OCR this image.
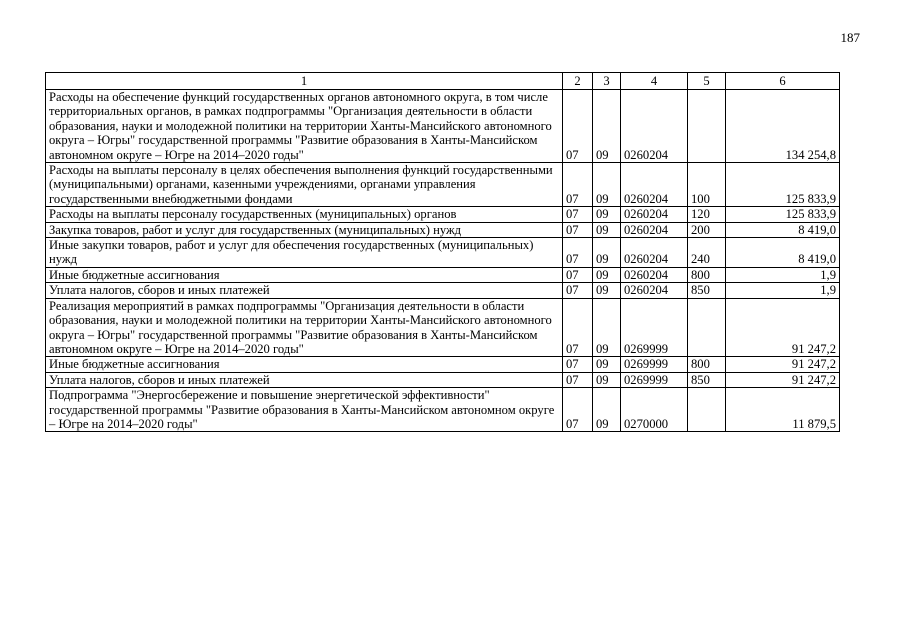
187
1	2	3	4	5	6
Расходы на обеспечение функций государственных органов автономного округа, в том числе территориальных органов, в рамках подпрограммы "Организация деятельности в области образования, науки и молодежной политики на территории Ханты-Мансийского автономного округа – Югры" государственной программы "Развитие образования в Ханты-Мансийском автономном округе – Югре на 2014–2020 годы"	07	09	0260204		134 254,8
Расходы на выплаты персоналу в целях обеспечения выполнения функций государственными (муниципальными) органами, казенными учреждениями, органами управления государственными внебюджетными фондами	07	09	0260204	100	125 833,9
Расходы на выплаты персоналу государственных (муниципальных) органов	07	09	0260204	120	125 833,9
Закупка товаров, работ и услуг для государственных (муниципальных) нужд	07	09	0260204	200	8 419,0
Иные закупки товаров, работ и услуг для обеспечения государственных (муниципальных) нужд	07	09	0260204	240	8 419,0
Иные бюджетные ассигнования	07	09	0260204	800	1,9
Уплата налогов, сборов и иных платежей	07	09	0260204	850	1,9
Реализация мероприятий в рамках подпрограммы "Организация деятельности в области образования, науки и молодежной политики на территории Ханты-Мансийского автономного округа – Югры" государственной программы "Развитие образования в Ханты-Мансийском автономном округе – Югре на 2014–2020 годы"	07	09	0269999		91 247,2
Иные бюджетные ассигнования	07	09	0269999	800	91 247,2
Уплата налогов, сборов и иных платежей	07	09	0269999	850	91 247,2
Подпрограмма "Энергосбережение и повышение энергетической эффективности" государственной программы "Развитие образования в Ханты-Мансийском автономном округе – Югре на 2014–2020 годы"	07	09	0270000		11 879,5
